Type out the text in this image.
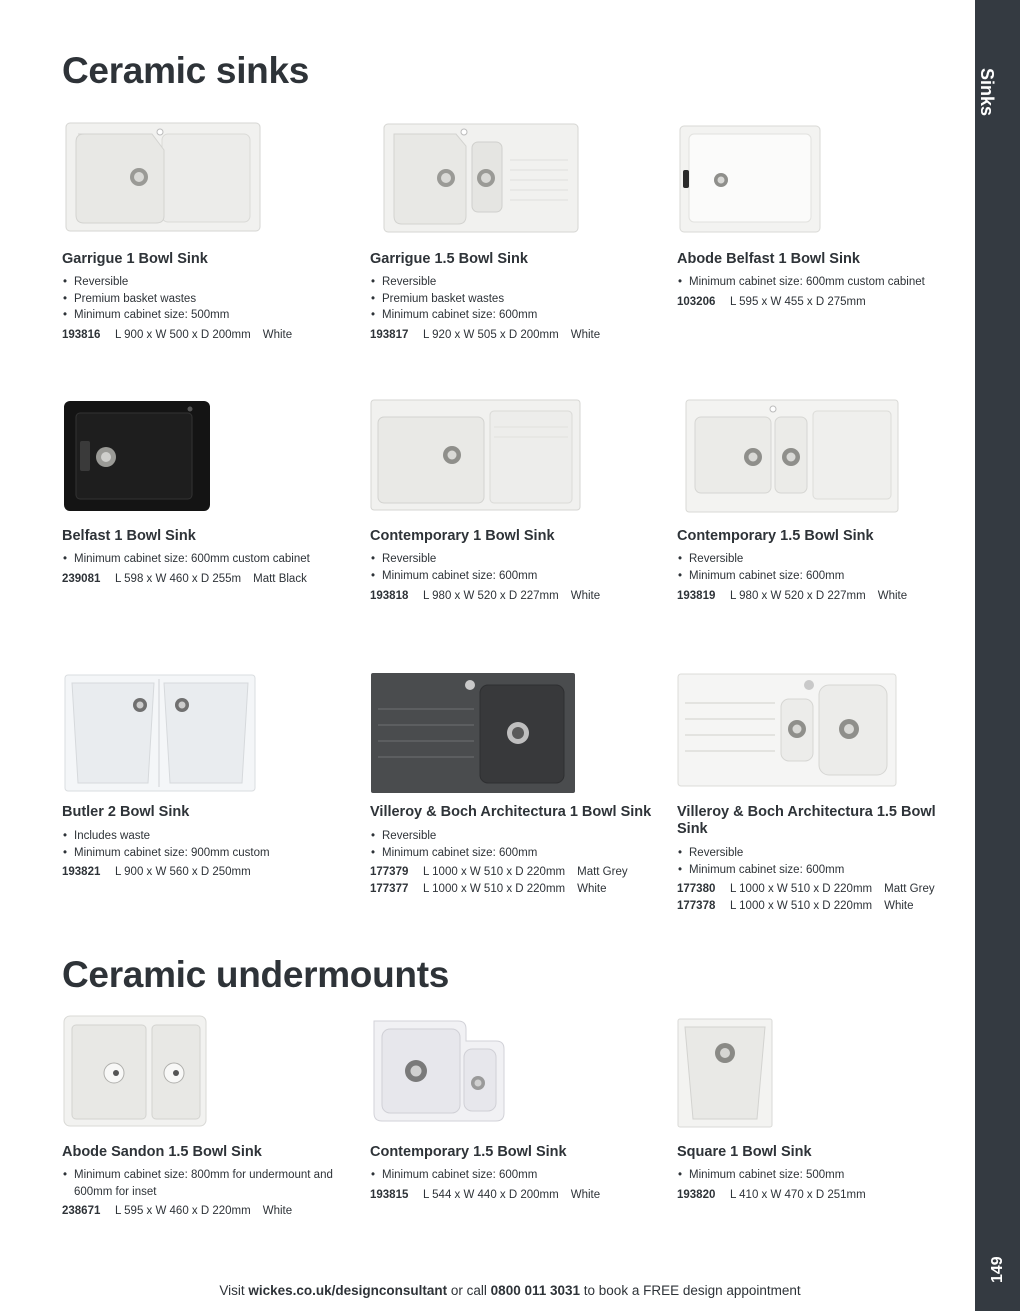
Ceramic sinks
Ceramic undermounts
Garrigue 1 Bowl Sink
• Reversible
• Premium basket wastes
• Minimum cabinet size: 500mm
193816 L 900 x W 500 x D 200mm White
Garrigue 1.5 Bowl Sink
• Reversible
• Premium basket wastes
• Minimum cabinet size: 600mm
193817 L 920 x W 505 x D 200mm White
Abode Belfast 1 Bowl Sink
• Minimum cabinet size: 600mm custom cabinet
103206 L 595 x W 455 x D 275mm
Belfast 1 Bowl Sink
• Minimum cabinet size: 600mm custom cabinet
239081 L 598 x W 460 x D 255m Matt Black
Contemporary 1 Bowl Sink
• Reversible
• Minimum cabinet size: 600mm
193818 L 980 x W 520 x D 227mm White
Contemporary 1.5 Bowl Sink
• Reversible
• Minimum cabinet size: 600mm
193819 L 980 x W 520 x D 227mm White
Butler 2 Bowl Sink
• Includes waste
• Minimum cabinet size: 900mm custom
193821 L 900 x W 560 x D 250mm
Villeroy & Boch Architectura 1 Bowl Sink
• Reversible
• Minimum cabinet size: 600mm
177379 L 1000 x W 510 x D 220mm Matt Grey
177377 L 1000 x W 510 x D 220mm White
Villeroy & Boch Architectura 1.5 Bowl Sink
• Reversible
• Minimum cabinet size: 600mm
177380 L 1000 x W 510 x D 220mm Matt Grey
177378 L 1000 x W 510 x D 220mm White
Abode Sandon 1.5 Bowl Sink
• Minimum cabinet size: 800mm for undermount and 600mm for inset
238671 L 595 x W 460 x D 220mm White
Contemporary 1.5 Bowl Sink
• Minimum cabinet size: 600mm
193815 L 544 x W 440 x D 200mm White
Square 1 Bowl Sink
• Minimum cabinet size: 500mm
193820 L 410 x W 470 x D 251mm
Sinks
149
Visit wickes.co.uk/designconsultant or call 0800 011 3031 to book a FREE design appointment
